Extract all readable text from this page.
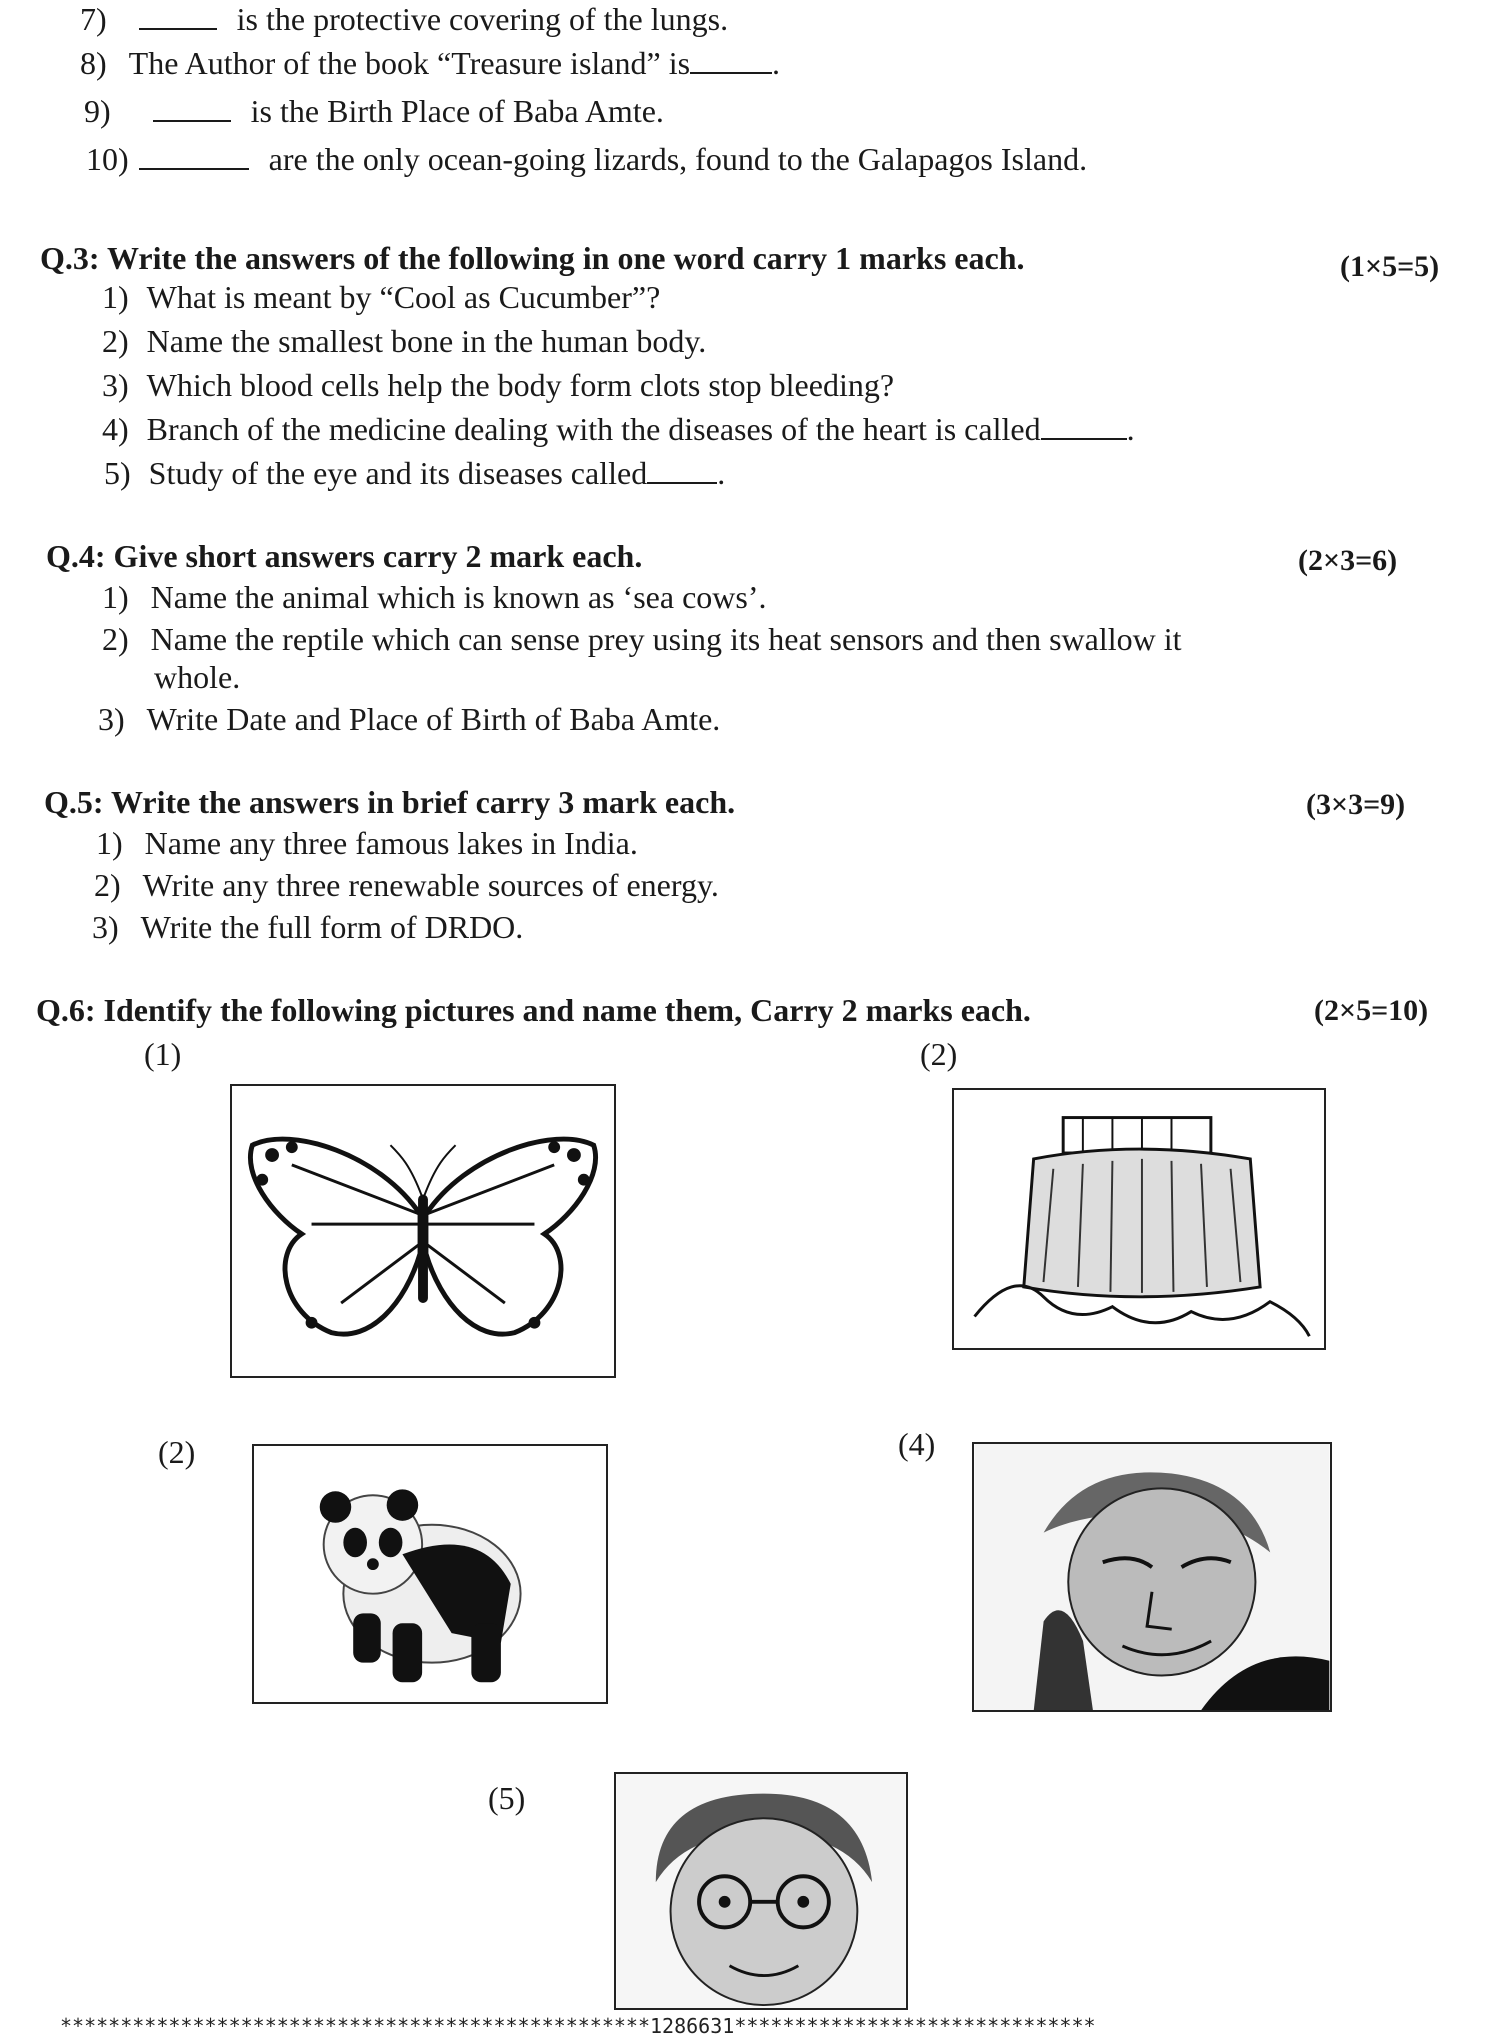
7)	is the protective covering of the lungs.
8) The Author of the book “Treasure island” is	.
9)	is the Birth Place of Baba Amte.
10)	are the only ocean-going lizards, found to the Galapagos Island.
Q.3: Write the answers of the following in one word carry 1 marks each.	(1×5=5)
1) What is meant by “Cool as Cucumber”?
2) Name the smallest bone in the human body.
3) Which blood cells help the body form clots stop bleeding?
4) Branch of the medicine dealing with the diseases of the heart is called	.
5) Study of the eye and its diseases called .
Q.4: Give short answers carry 2 mark each.	(2×3=6)
1) Name the animal which is known as ‘sea cows’.
2) Name the reptile which can sense prey using its heat sensors and then swallow it
whole.
3) Write Date and Place of Birth of Baba Amte.
Q.5: Write the answers in brief carry 3 mark each.	(3×3=9)
1) Name any three famous lakes in India.
2) Write any three renewable sources of energy.
3) Write the full form of DRDO.
Q.6: Identify the following pictures and name them, Carry 2 marks each.	(2×5=10)
(1)	(2)
(2)	(4)
(5)
*************************************************1286631******************************
